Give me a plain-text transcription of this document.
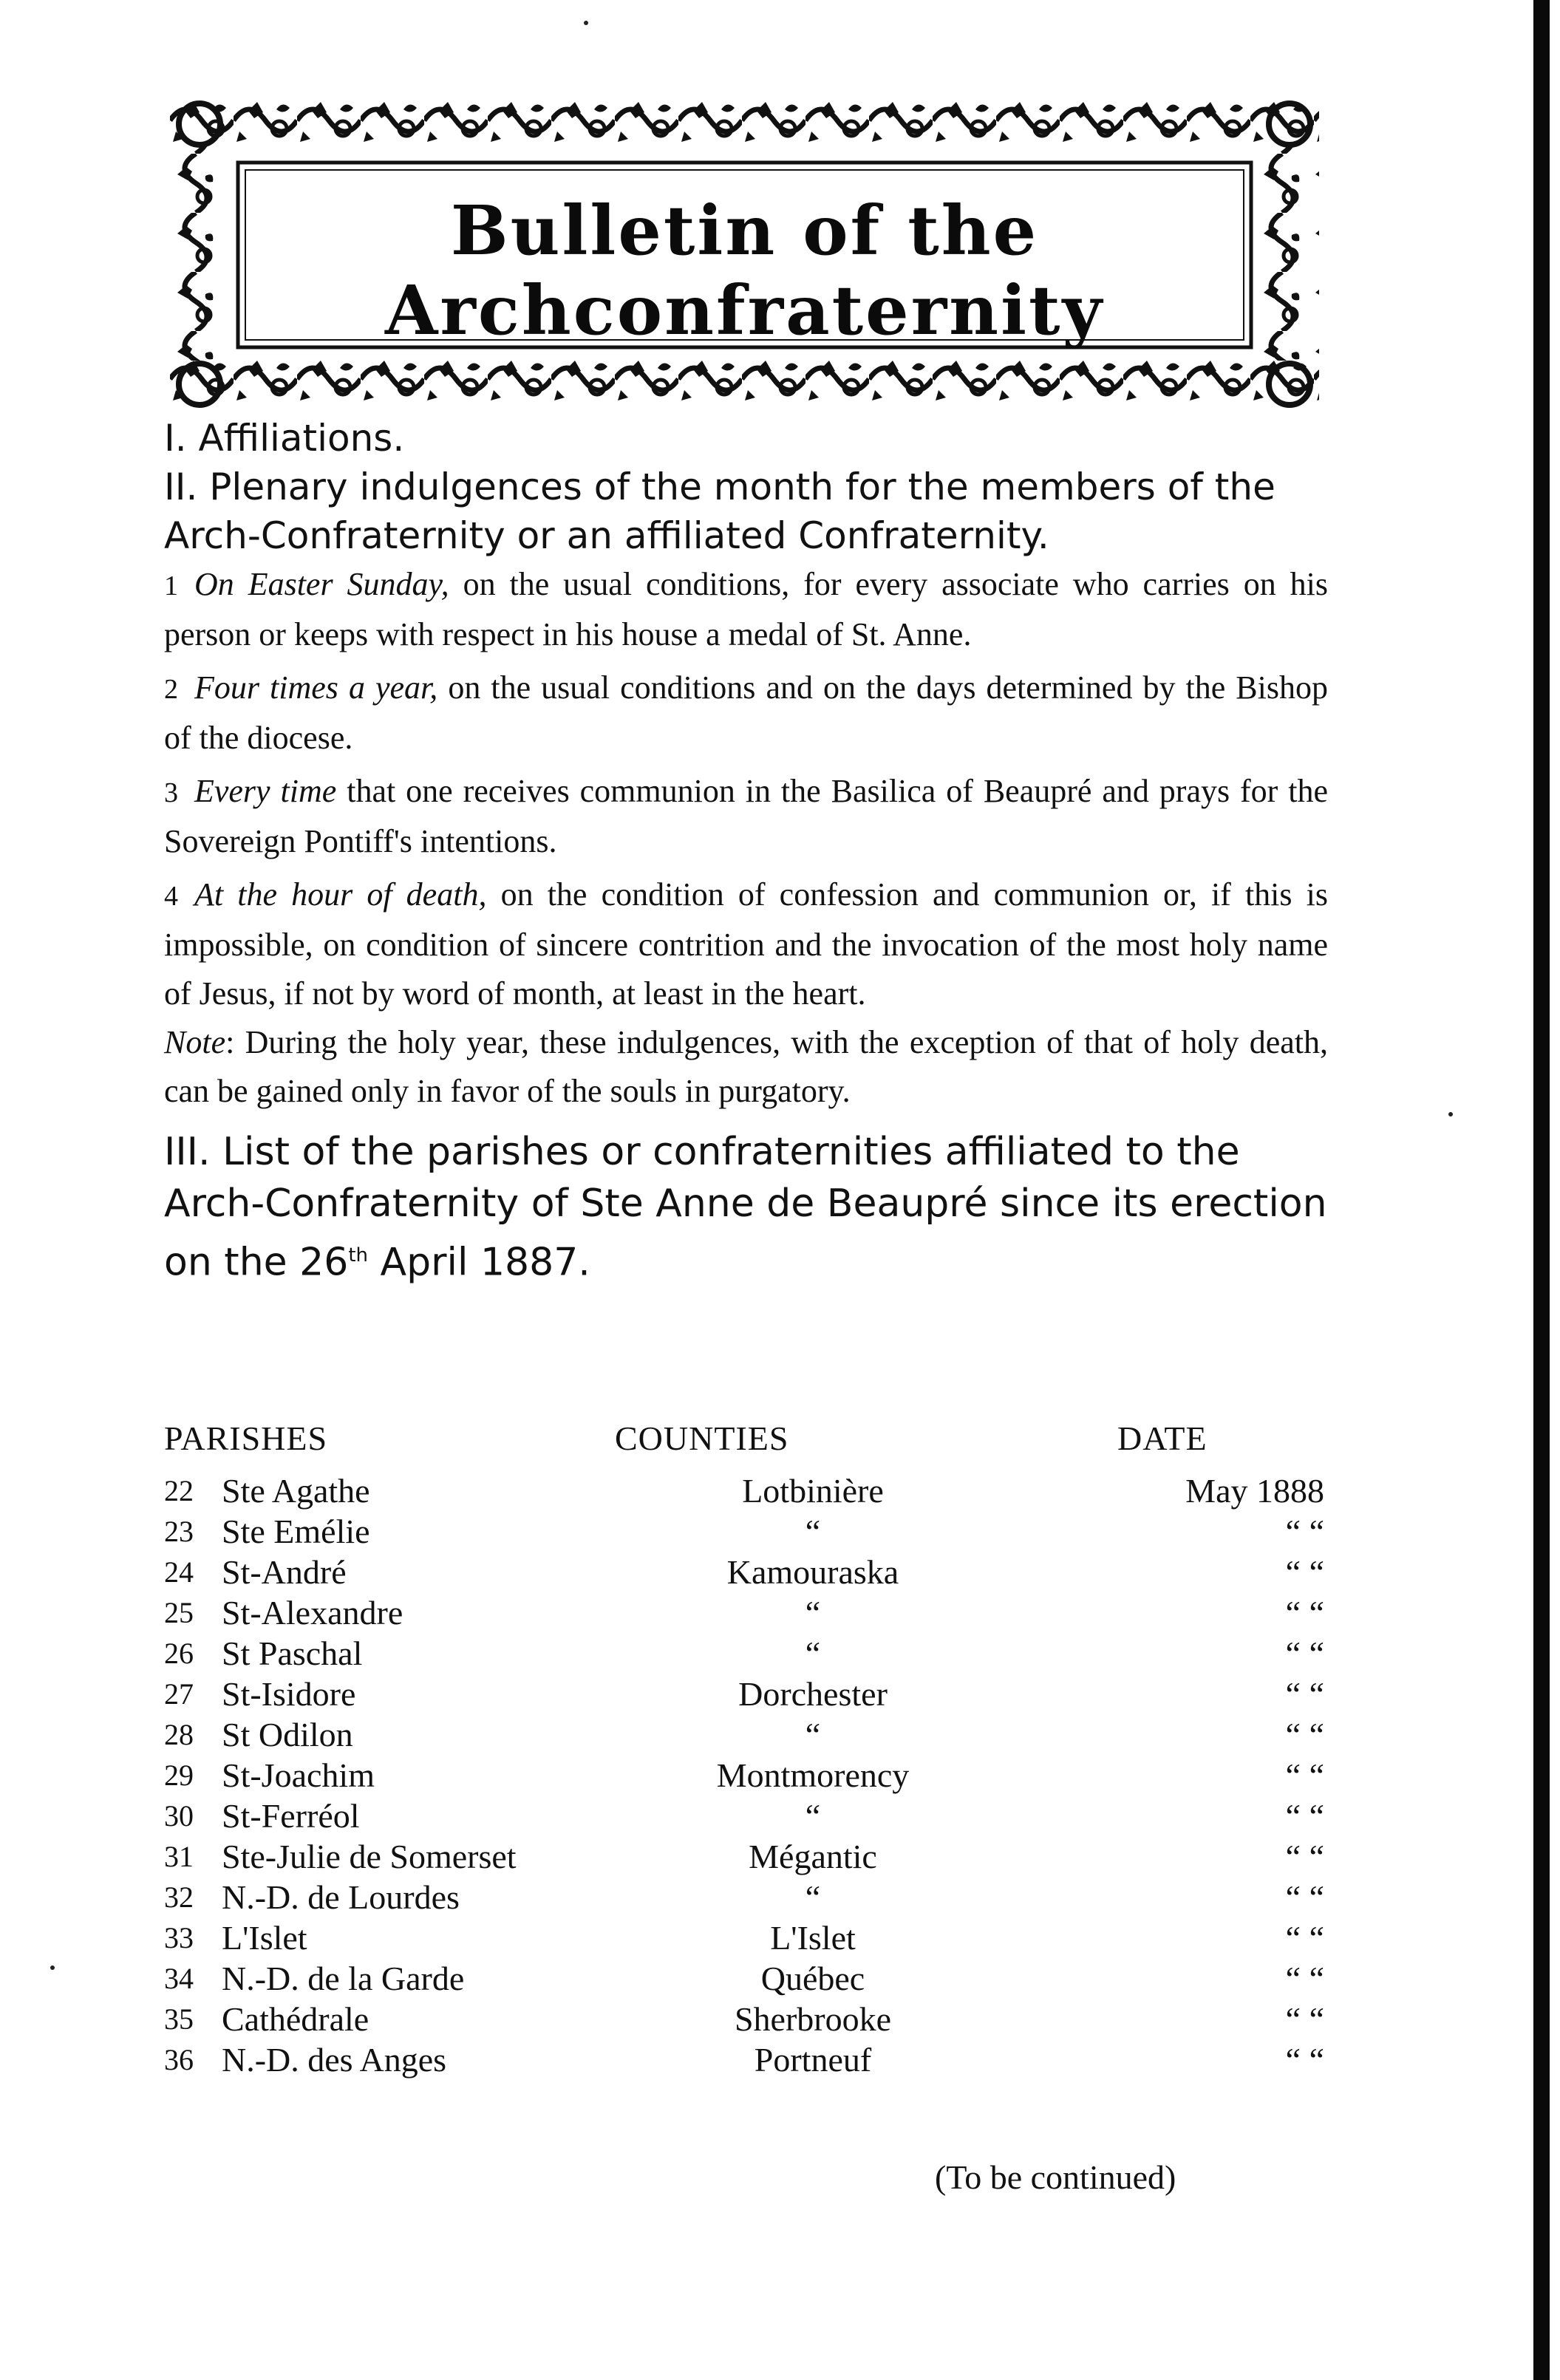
Bulletin of the Archconfraternity

I. Affiliations.

II. Plenary indulgences of the month for the members of the Arch-Confraternity or an affiliated Confraternity.

1 On Easter Sunday, on the usual conditions, for every associate who carries on his person or keeps with respect in his house a medal of St. Anne.

2 Four times a year, on the usual conditions and on the days determined by the Bishop of the diocese.

3 Every time that one receives communion in the Basilica of Beaupré and prays for the Sovereign Pontiff's intentions.

4 At the hour of death, on the condition of confession and communion or, if this is impossible, on condition of sincere contrition and the invocation of the most holy name of Jesus, if not by word of month, at least in the heart.

Note: During the holy year, these indulgences, with the exception of that of holy death, can be gained only in favor of the souls in purgatory.

III. List of the parishes or confraternities affiliated to the Arch-Confraternity of Ste Anne de Beaupré since its erection on the 26th April 1887.

PARISHES	COUNTIES	DATE
22 Ste Agathe	Lotbinière	May 1888
23 Ste Emélie	“	“ “
24 St-André	Kamouraska	“ “
25 St-Alexandre	“	“ “
26 St Paschal	“	“ “
27 St-Isidore	Dorchester	“ “
28 St Odilon	“	“ “
29 St-Joachim	Montmorency	“ “
30 St-Ferréol	“	“ “
31 Ste-Julie de Somerset	Mégantic	“ “
32 N.-D. de Lourdes	“	“ “
33 L'Islet	L'Islet	“ “
34 N.-D. de la Garde	Québec	“ “
35 Cathédrale	Sherbrooke	“ “
36 N.-D. des Anges	Portneuf	“ “
(To be continued)
